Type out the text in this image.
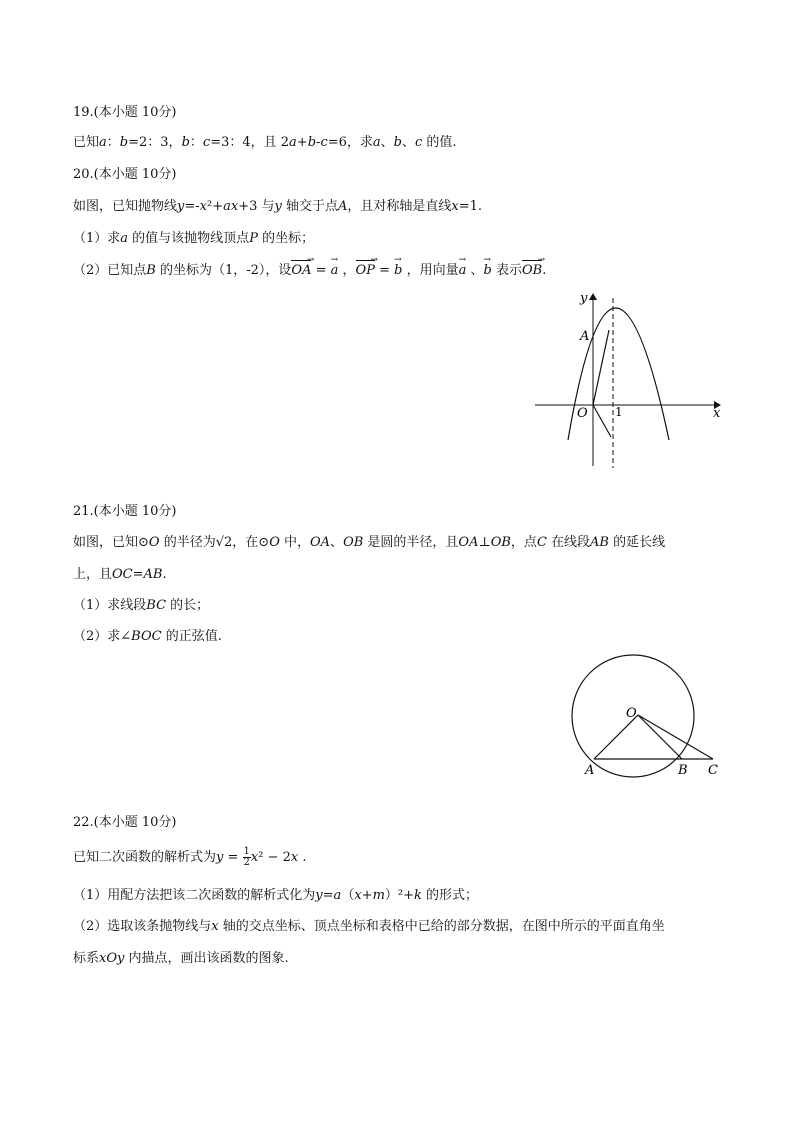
19.(本小题 10分)
已知a：b=2：3，b：c=3：4，且 2a+b-c=6，求a、b、c 的值.
20.(本小题 10分)
如图，已知抛物线y=-x²+ax+3 与y 轴交于点A，且对称轴是直线x=1.
（1）求a 的值与该抛物线顶点P 的坐标；
（2）已知点B 的坐标为（1，-2），设OA → = a → ，OP → = b → ，用向量a → 、b → 表示OB →.
y
x
A
O 1
21.(本小题 10分)
如图，已知⊙O 的半径为√2，在⊙O 中，OA、OB 是圆的半径，且OA⊥OB，点C 在线段AB 的延长线
上，且OC=AB.
（1）求线段BC 的长；
（2）求∠BOC 的正弦值.
O
A	B C
22.(本小题 10分)
已知二次函数的解析式为$y = \frac{1}{2} x^2 - 2x$ .
（1）用配方法把该二次函数的解析式化为y=a（x+m）²+k 的形式；
（2）选取该条抛物线与x 轴的交点坐标、顶点坐标和表格中已给的部分数据，在图中所示的平面直角坐
标系xOy 内描点，画出该函数的图象.
